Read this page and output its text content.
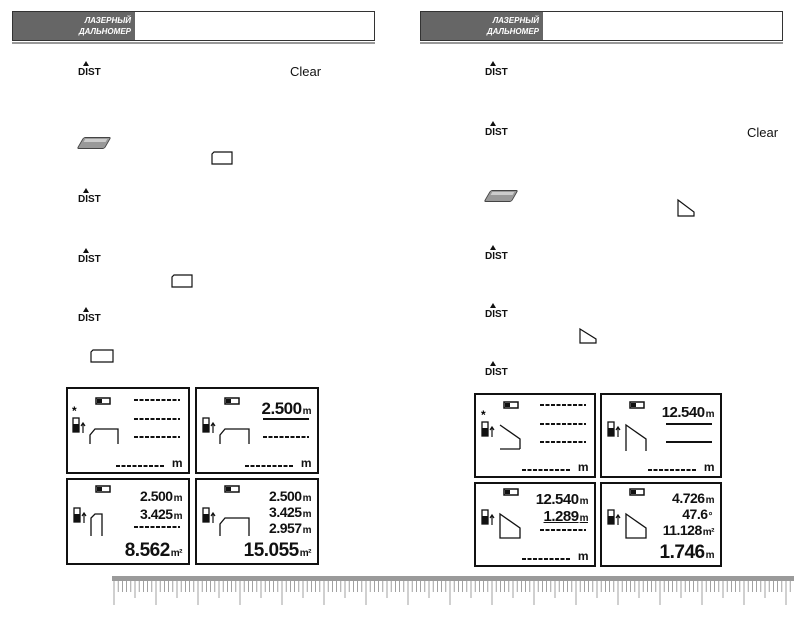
ЛАЗЕРНЫЙ
ДАЛЬНОМЕР
ЛАЗЕРНЫЙ
ДАЛЬНОМЕР
DIST	Clear
DIST
DIST
DIST
DIST
DIST	Clear
DIST
DIST
DIST
*
m
2.500m
m
2.500m
3.425m
8.562m²
2.500m
3.425m
2.957m
15.055m²
*
m
12.540m
m
12.540m
1.289m
m
4.726m
47.6°
11.128m²
1.746m
